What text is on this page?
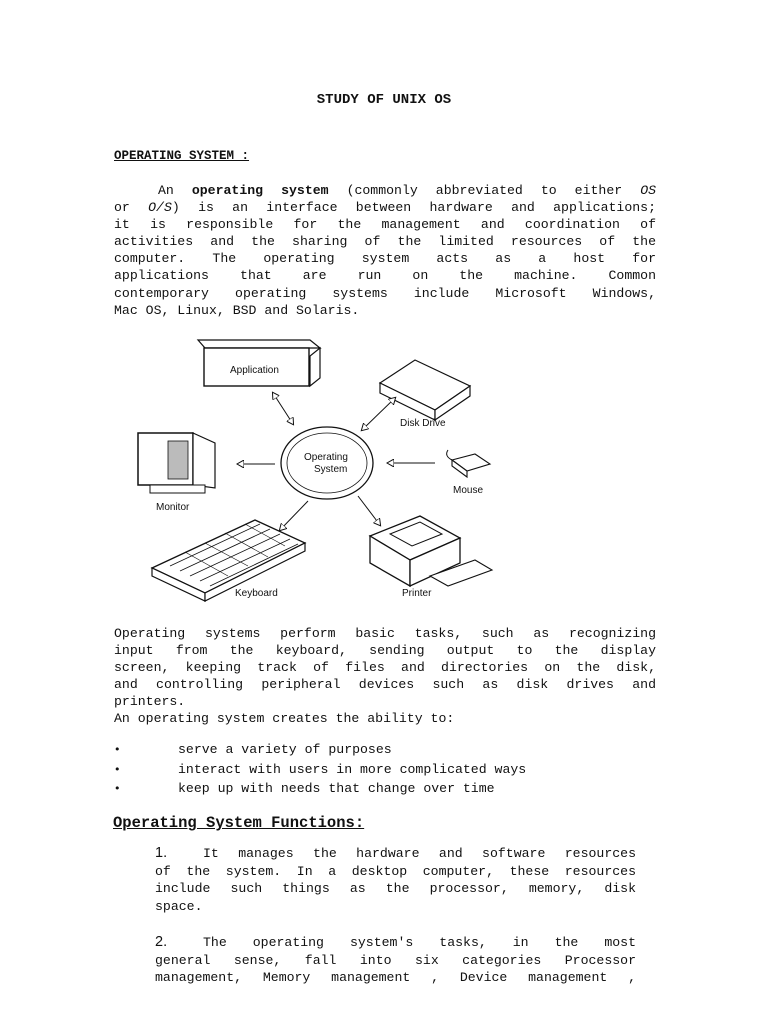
STUDY OF UNIX OS
OPERATING SYSTEM :
An operating system (commonly abbreviated to either OS
or O/S) is an interface between hardware and applications;
it is responsible for the management and coordination of
activities and the sharing of the limited resources of the
computer. The operating system acts as a host for
applications that are run on the machine. Common
contemporary operating systems include Microsoft Windows,
Mac OS, Linux, BSD and Solaris.
Application
Disk Drive
Operating
System
Monitor
Mouse
Keyboard	Printer
Operating systems perform basic tasks, such as recognizing
input from the keyboard, sending output to the display
screen, keeping track of files and directories on the disk,
and controlling peripheral devices such as disk drives and
printers.
An operating system creates the ability to:
•	serve a variety of purposes
•	interact with users in more complicated ways
•	keep up with needs that change over time
Operating System Functions:
1.	It manages the hardware and software resources
of the system. In a desktop computer, these resources
include such things as the processor, memory, disk
space.
2.	The operating system's tasks, in the most
general sense, fall into six categories Processor
management, Memory management , Device management ,
